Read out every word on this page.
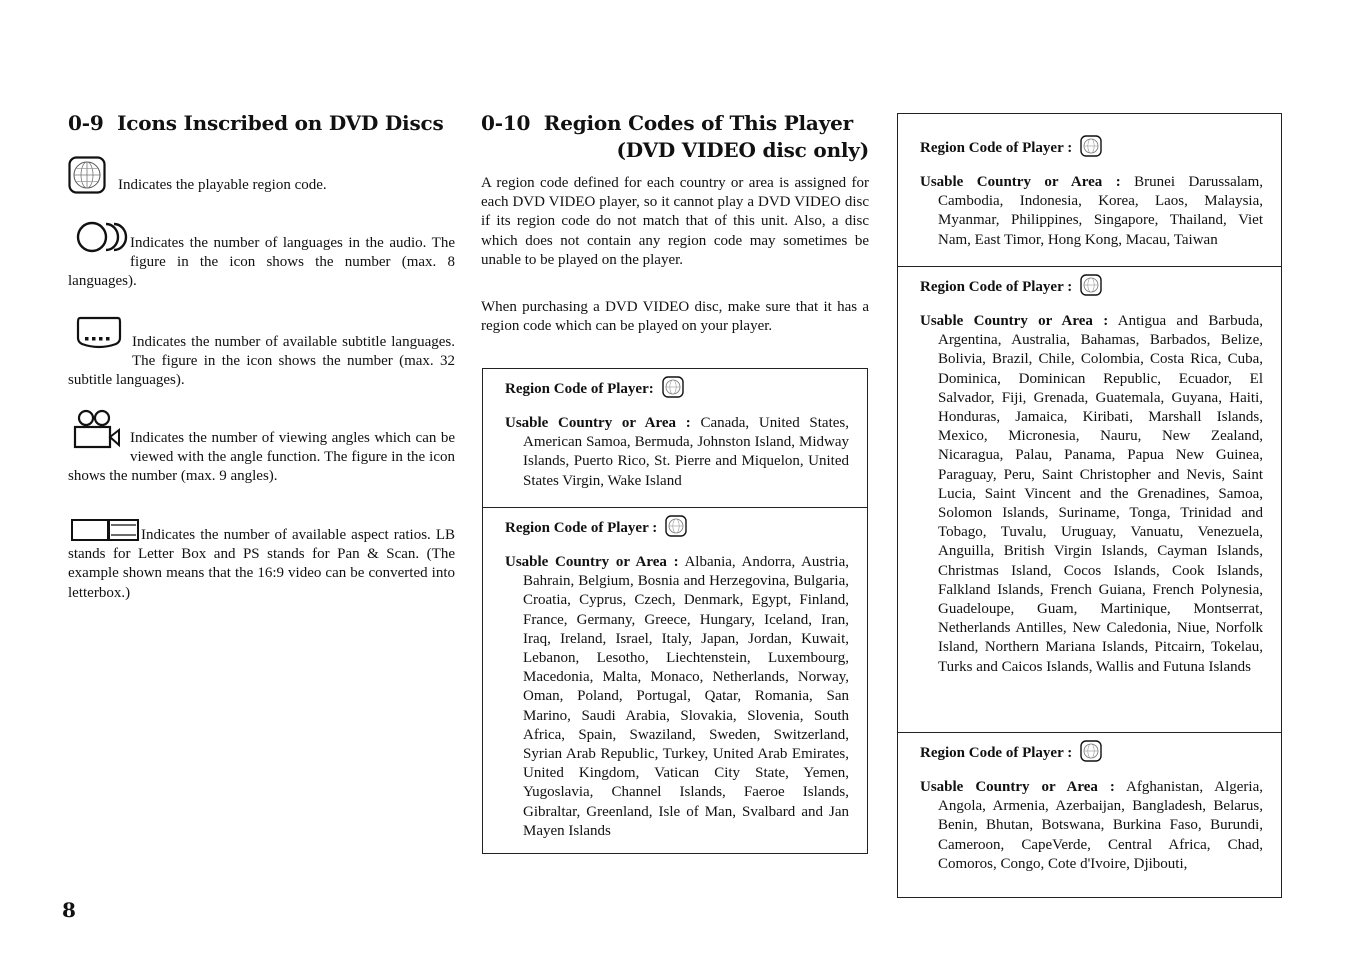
0-9 Icons Inscribed on DVD Discs

Indicates the playable region code.

Indicates the number of languages in the audio. The figure in the icon shows the number (max. 8 languages).

Indicates the number of available subtitle languages. The figure in the icon shows the number (max. 32 subtitle languages).

Indicates the number of viewing angles which can be viewed with the angle function. The figure in the icon shows the number (max. 9 angles).

Indicates the number of available aspect ratios. LB stands for Letter Box and PS stands for Pan & Scan. (The example shown means that the 16:9 video can be converted into letterbox.)

0-10 Region Codes of This Player
(DVD VIDEO disc only)

A region code defined for each country or area is assigned for each DVD VIDEO player, so it cannot play a DVD VIDEO disc if its region code do not match that of this unit. Also, a disc which does not contain any region code may sometimes be unable to be played on the player.

When purchasing a DVD VIDEO disc, make sure that it has a region code which can be played on your player.

Region Code of Player:

Usable Country or Area : Canada, United States, American Samoa, Bermuda, Johnston Island, Midway Islands, Puerto Rico, St. Pierre and Miquelon, United States Virgin, Wake Island

Region Code of Player :

Usable Country or Area : Albania, Andorra, Austria, Bahrain, Belgium, Bosnia and Herzegovina, Bulgaria, Croatia, Cyprus, Czech, Denmark, Egypt, Finland, France, Germany, Greece, Hungary, Iceland, Iran, Iraq, Ireland, Israel, Italy, Japan, Jordan, Kuwait, Lebanon, Lesotho, Liechtenstein, Luxembourg, Macedonia, Malta, Monaco, Netherlands, Norway, Oman, Poland, Portugal, Qatar, Romania, San Marino, Saudi Arabia, Slovakia, Slovenia, South Africa, Spain, Swaziland, Sweden, Switzerland, Syrian Arab Republic, Turkey, United Arab Emirates, United Kingdom, Vatican City State, Yemen, Yugoslavia, Channel Islands, Faeroe Islands, Gibraltar, Greenland, Isle of Man, Svalbard and Jan Mayen Islands

Region Code of Player :

Usable Country or Area : Brunei Darussalam, Cambodia, Indonesia, Korea, Laos, Malaysia, Myanmar, Philippines, Singapore, Thailand, Viet Nam, East Timor, Hong Kong, Macau, Taiwan

Region Code of Player :

Usable Country or Area : Antigua and Barbuda, Argentina, Australia, Bahamas, Barbados, Belize, Bolivia, Brazil, Chile, Colombia, Costa Rica, Cuba, Dominica, Dominican Republic, Ecuador, El Salvador, Fiji, Grenada, Guatemala, Guyana, Haiti, Honduras, Jamaica, Kiribati, Marshall Islands, Mexico, Micronesia, Nauru, New Zealand, Nicaragua, Palau, Panama, Papua New Guinea, Paraguay, Peru, Saint Christopher and Nevis, Saint Lucia, Saint Vincent and the Grenadines, Samoa, Solomon Islands, Suriname, Tonga, Trinidad and Tobago, Tuvalu, Uruguay, Vanuatu, Venezuela, Anguilla, British Virgin Islands, Cayman Islands, Christmas Island, Cocos Islands, Cook Islands, Falkland Islands, French Guiana, French Polynesia, Guadeloupe, Guam, Martinique, Montserrat, Netherlands Antilles, New Caledonia, Niue, Norfolk Island, Northern Mariana Islands, Pitcairn, Tokelau, Turks and Caicos Islands, Wallis and Futuna Islands

Region Code of Player :

Usable Country or Area : Afghanistan, Algeria, Angola, Armenia, Azerbaijan, Bangladesh, Belarus, Benin, Bhutan, Botswana, Burkina Faso, Burundi, Cameroon, CapeVerde, Central Africa, Chad, Comoros, Congo, Cote d'Ivoire, Djibouti,

8
